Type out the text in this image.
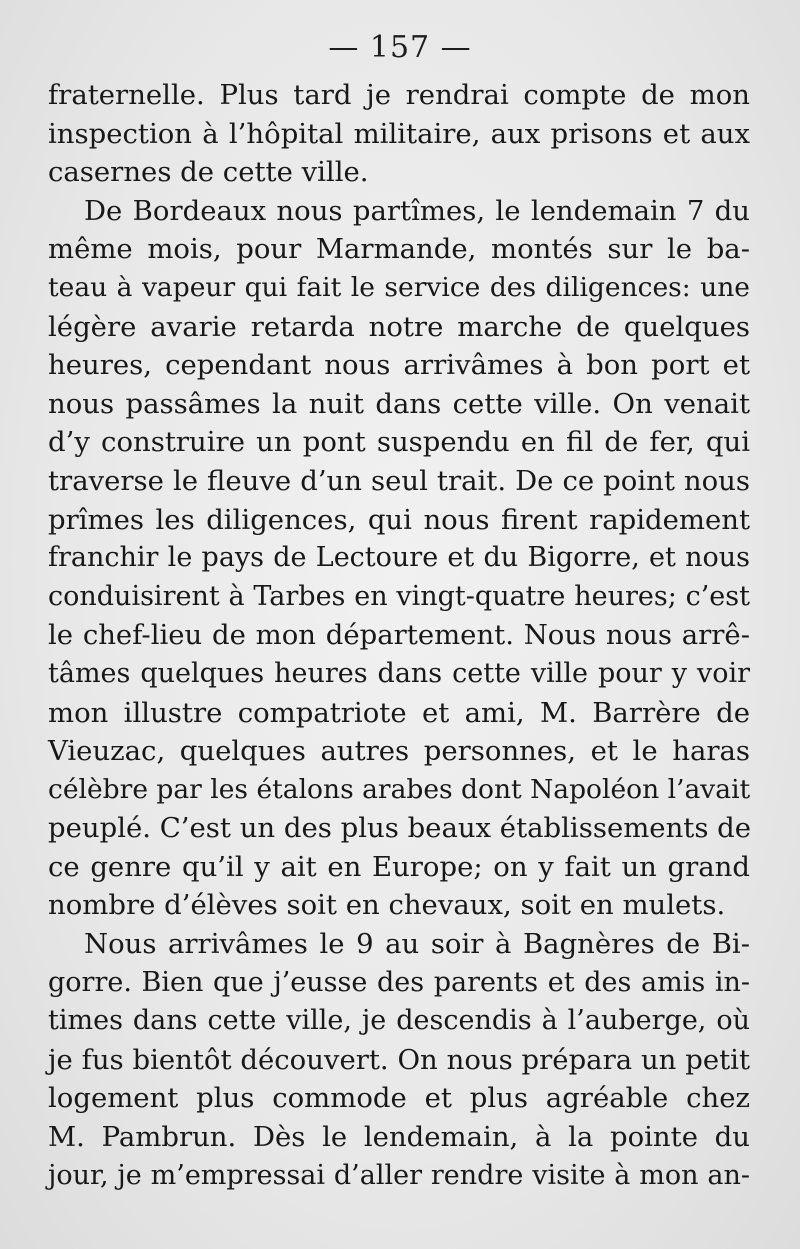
— 157 —
fraternelle. Plus tard je rendrai compte de mon
inspection à l’hôpital militaire, aux prisons et aux
casernes de cette ville.
De Bordeaux nous partîmes, le lendemain 7 du
même mois, pour Marmande, montés sur le ba-
teau à vapeur qui fait le service des diligences: une
légère avarie retarda notre marche de quelques
heures, cependant nous arrivâmes à bon port et
nous passâmes la nuit dans cette ville. On venait
d’y construire un pont suspendu en fil de fer, qui
traverse le fleuve d’un seul trait. De ce point nous
prîmes les diligences, qui nous firent rapidement
franchir le pays de Lectoure et du Bigorre, et nous
conduisirent à Tarbes en vingt-quatre heures; c’est
le chef-lieu de mon département. Nous nous arrê-
tâmes quelques heures dans cette ville pour y voir
mon illustre compatriote et ami, M. Barrère de
Vieuzac, quelques autres personnes, et le haras
célèbre par les étalons arabes dont Napoléon l’avait
peuplé. C’est un des plus beaux établissements de
ce genre qu’il y ait en Europe; on y fait un grand
nombre d’élèves soit en chevaux, soit en mulets.
Nous arrivâmes le 9 au soir à Bagnères de Bi-
gorre. Bien que j’eusse des parents et des amis in-
times dans cette ville, je descendis à l’auberge, où
je fus bientôt découvert. On nous prépara un petit
logement plus commode et plus agréable chez
M. Pambrun. Dès le lendemain, à la pointe du
jour, je m’empressai d’aller rendre visite à mon an-
